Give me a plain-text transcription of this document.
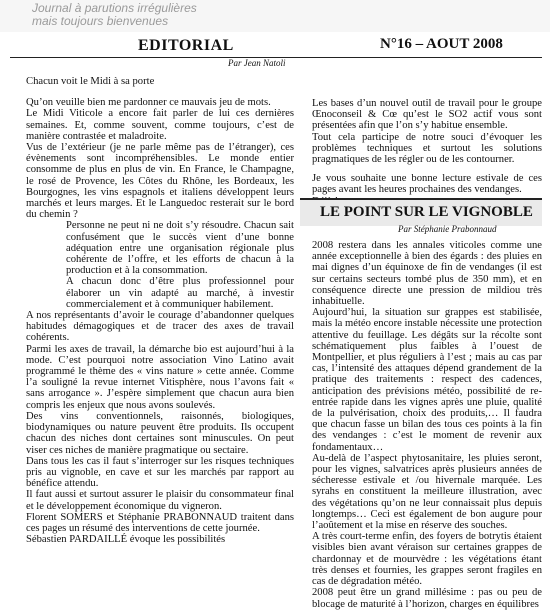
Journal à parutions irrégulières
mais toujours bienvenues
EDITORIAL	N°16 – AOUT 2008
Par Jean Natoli

Chacun voit le Midi à sa porte

Qu’on veuille bien me pardonner ce mauvais jeu de mots.

Le Midi Viticole a encore fait parler de lui ces dernières semaines. Et, comme souvent, comme toujours, c’est de manière contrastée et maladroite.

Vus de l’extérieur (je ne parle même pas de l’étranger), ces évènements sont incompréhensibles. Le monde entier consomme de plus en plus de vin. En France, le Champagne, le rosé de Provence, les Côtes du Rhône, les Bordeaux, les Bourgognes, les vins espagnols et italiens développent leurs marchés et leurs marges. Et le Languedoc resterait sur le bord du chemin ?

Personne ne peut ni ne doit s’y résoudre. Chacun sait confusément que le succès vient d’une bonne adéquation entre une organisation régionale plus cohérente de l’offre, et les efforts de chacun à la production et à la consommation.

A chacun donc d’être plus professionnel pour élaborer un vin adapté au marché, à investir commercialement et à communiquer habilement.

A nos représentants d’avoir le courage d’abandonner quelques habitudes démagogiques et de tracer des axes de travail cohérents.

Parmi les axes de travail, la démarche bio est aujourd’hui à la mode. C’est pourquoi notre association Vino Latino avait programmé le thème des « vins nature » cette année. Comme l’a souligné la revue internet Vitisphère, nous l’avons fait « sans arrogance ». J’espère simplement que chacun aura bien compris les enjeux que nous avons soulevés.

Des vins conventionnels, raisonnés, biologiques, biodynamiques ou nature peuvent être produits. Ils occupent chacun des niches dont certaines sont minuscules. On peut viser ces niches de manière pragmatique ou sectaire.

Dans tous les cas il faut s’interroger sur les risques techniques pris au vignoble, en cave et sur les marchés par rapport au bénéfice attendu.

Il faut aussi et surtout assurer le plaisir du consommateur final et le développement économique du vigneron.

Florent SOMERS et Stéphanie PRABONNAUD traitent dans ces pages un résumé des interventions de cette journée.

Sébastien PARDAILLÉ évoque les possibilités

Les bases d’un nouvel outil de travail pour le groupe Œnoconseil & Cœ qu’est le SO2 actif vous sont présentées afin que l’on s’y habitue ensemble.

Tout cela participe de notre souci d’évoquer les problèmes techniques et surtout les solutions pragmatiques de les régler ou de les contourner.

Je vous souhaite une bonne lecture estivale de ces pages avant les heures prochaines des vendanges.

LE POINT SUR LE VIGNOBLE
Par Stéphanie Prabonnaud

2008 restera dans les annales viticoles comme une année exceptionnelle à bien des égards : des pluies en mai dignes d’un équinoxe de fin de vendanges (il est sur certains secteurs tombé plus de 350 mm), et en conséquence directe une pression de mildiou très inhabituelle.

Aujourd’hui, la situation sur grappes est stabilisée, mais la météo encore instable nécessite une protection attentive du feuillage. Les dégâts sur la récolte sont schématiquement plus faibles à l’ouest de Montpellier, et plus réguliers à l’est ; mais au cas par cas, l’intensité des attaques dépend grandement de la pratique des traitements : respect des cadences, anticipation des prévisions météo, possibilité de re-entrée rapide dans les vignes après une pluie, qualité de la pulvérisation, choix des produits,… Il faudra que chacun fasse un bilan des tous ces points à la fin des vendanges : c’est le moment de revenir aux fondamentaux…

Au-delà de l’aspect phytosanitaire, les pluies seront, pour les vignes, salvatrices après plusieurs années de sécheresse estivale et /ou hivernale marquée. Les syrahs en constituent la meilleure illustration, avec des végétations qu’on ne leur connaissait plus depuis longtemps… Ceci est également de bon augure pour l’aoûtement et la mise en réserve des souches.

A très court-terme enfin, des foyers de botrytis étaient visibles bien avant véraison sur certaines grappes de chardonnay et de mourvèdre : les végétations étant très denses et fournies, les grappes seront fragiles en cas de dégradation météo.

2008 peut être un grand millésime : pas ou peu de blocage de maturité à l’horizon, charges en équilibres
